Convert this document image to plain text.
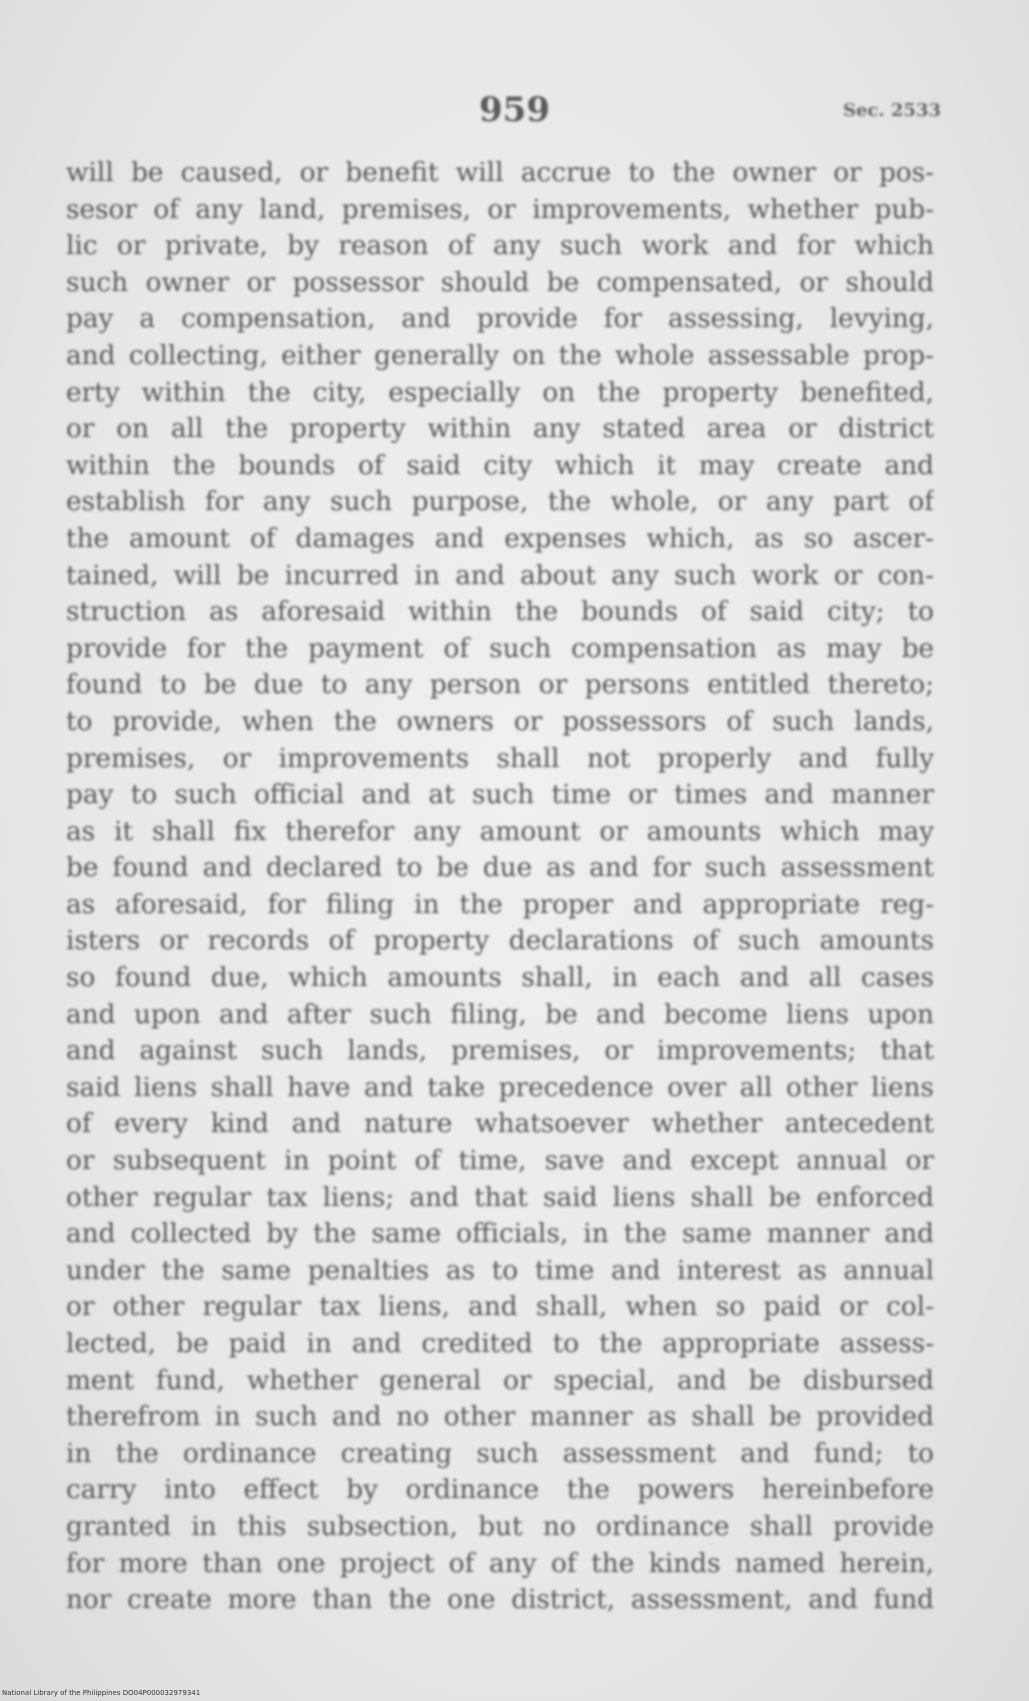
959	Sec. 2533
will be caused, or benefit will accrue to the owner or pos-
sesor of any land, premises, or improvements, whether pub-
lic or private, by reason of any such work and for which
such owner or possessor should be compensated, or should
pay a compensation, and provide for assessing, levying,
and collecting, either generally on the whole assessable prop-
erty within the city, especially on the property benefited,
or on all the property within any stated area or district
within the bounds of said city which it may create and
establish for any such purpose, the whole, or any part of
the amount of damages and expenses which, as so ascer-
tained, will be incurred in and about any such work or con-
struction as aforesaid within the bounds of said city; to
provide for the payment of such compensation as may be
found to be due to any person or persons entitled thereto;
to provide, when the owners or possessors of such lands,
premises, or improvements shall not properly and fully
pay to such official and at such time or times and manner
as it shall fix therefor any amount or amounts which may
be found and declared to be due as and for such assessment
as aforesaid, for filing in the proper and appropriate reg-
isters or records of property declarations of such amounts
so found due, which amounts shall, in each and all cases
and upon and after such filing, be and become liens upon
and against such lands, premises, or improvements; that
said liens shall have and take precedence over all other liens
of every kind and nature whatsoever whether antecedent
or subsequent in point of time, save and except annual or
other regular tax liens; and that said liens shall be enforced
and collected by the same officials, in the same manner and
under the same penalties as to time and interest as annual
or other regular tax liens, and shall, when so paid or col-
lected, be paid in and credited to the appropriate assess-
ment fund, whether general or special, and be disbursed
therefrom in such and no other manner as shall be provided
in the ordinance creating such assessment and fund; to
carry into effect by ordinance the powers hereinbefore
granted in this subsection, but no ordinance shall provide
for more than one project of any of the kinds named herein,
nor create more than the one district, assessment, and fund
National Library of the Philippines DO04P000032979341
